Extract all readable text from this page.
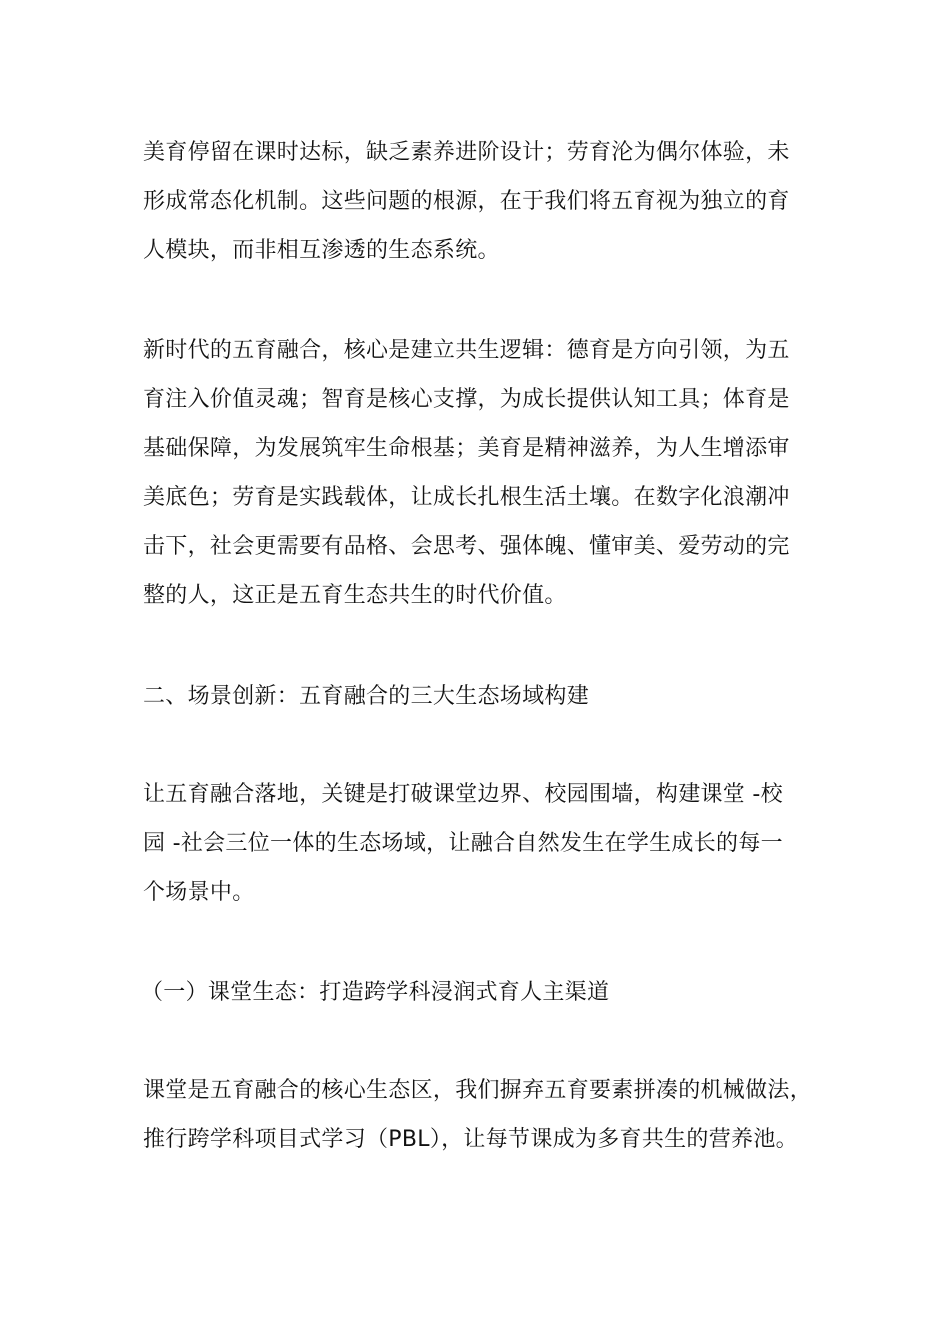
美育停留在课时达标，缺乏素养进阶设计；劳育沦为偶尔体验，未
形成常态化机制。这些问题的根源，在于我们将五育视为独立的育
人模块，而非相互渗透的生态系统。
新时代的五育融合，核心是建立共生逻辑：德育是方向引领，为五
育注入价值灵魂；智育是核心支撑，为成长提供认知工具；体育是
基础保障，为发展筑牢生命根基；美育是精神滋养，为人生增添审
美底色；劳育是实践载体，让成长扎根生活土壤。在数字化浪潮冲
击下，社会更需要有品格、会思考、强体魄、懂审美、爱劳动的完
整的人，这正是五育生态共生的时代价值。
二、场景创新：五育融合的三大生态场域构建
让五育融合落地，关键是打破课堂边界、校园围墙，构建课堂 -校
园 -社会三位一体的生态场域，让融合自然发生在学生成长的每一
个场景中。
（一）课堂生态：打造跨学科浸润式育人主渠道
课堂是五育融合的核心生态区，我们摒弃五育要素拼凑的机械做法，
推行跨学科项目式学习（PBL），让每节课成为多育共生的营养池。
